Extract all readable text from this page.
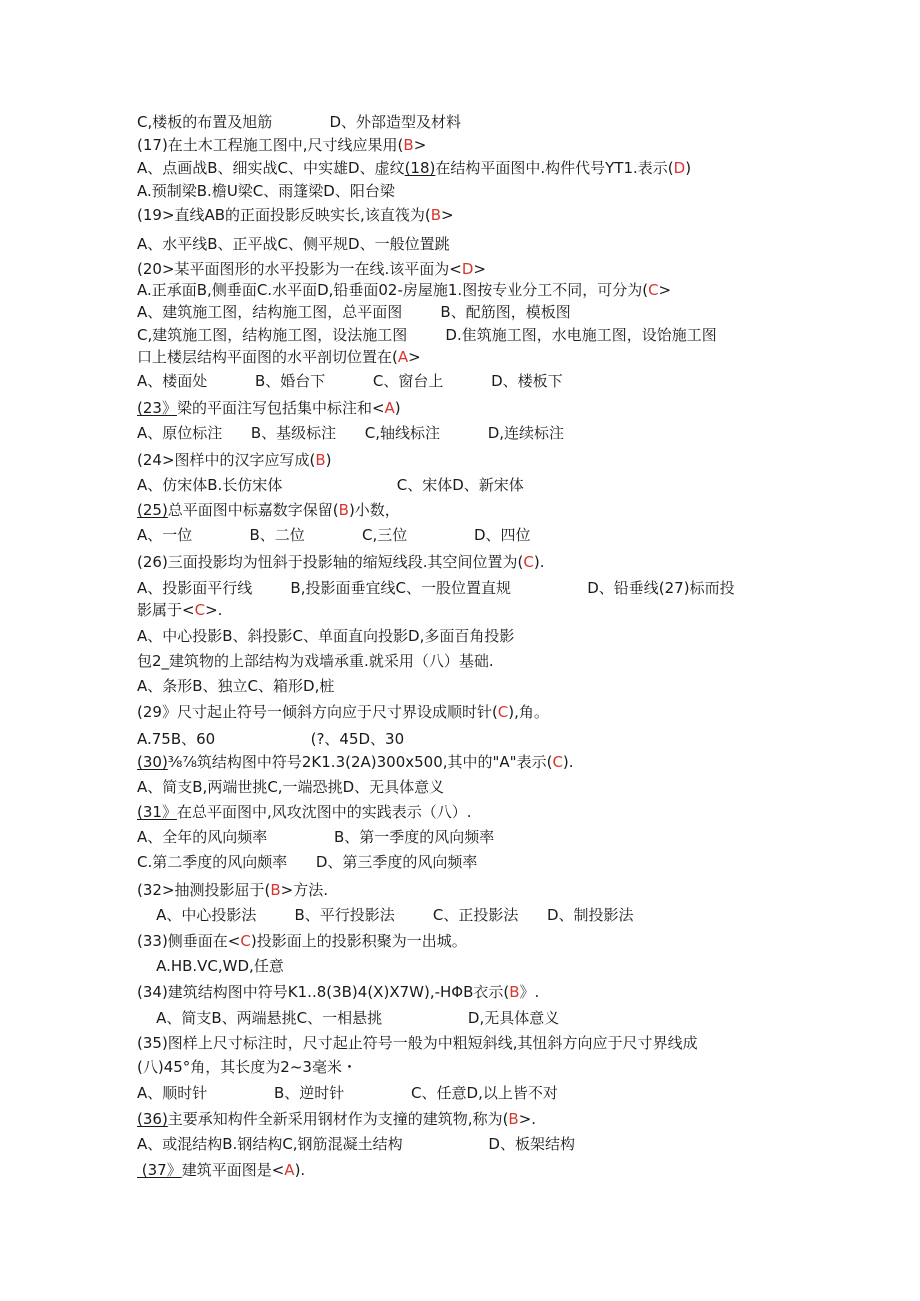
C,楼板的布置及旭筋            D、外部造型及材料
(17)在土木工程施工图中,尺寸线应果用(B>
A、点画战B、细实战C、中实雄D、虚纹(18)在结构平面图中.构件代号YT1.表示(D)
A.预制梁B.檐U梁C、雨篷梁D、阳台梁
(19>直线AB的正面投影反映实长,该直筏为(B>
A、水平线B、正平战C、侧平规D、一般位置跳
(20>某平面图形的水平投影为一在线.该平面为<D>
A.正承面B,侧垂面C.水平面D,铅垂面02-房屋施1.图按专业分工不同，可分为(C>
A、建筑施工图，结构施工图，总平面图        B、配筋图，模板图
C,建筑施工图，结构施工图，设法施工图        D.隹筑施工图，水电施工图，设饴施工图
口上楼层结构平面图的水平剖切位置在(A>
A、楼面处          B、婚台下          C、窗台上          D、楼板下
(23》梁的平面注写包括集中标注和<A)
A、原位标注      B、基级标注      C,轴线标注          D,连续标注
(24>图样中的汉字应写成(B)
A、仿宋体B.长仿宋体                        C、宋体D、新宋体
(25)总平面图中标嘉数字保留(B)小数，
A、一位            B、二位            C,三位              D、四位
(26)三面投影均为忸斜于投影轴的缩短线段.其空间位置为(C).
A、投影面平行线        B,投影面垂宜线C、一股位置直规                D、铅垂线(27)标而投
影属于<C>.
A、中心投影B、斜投影C、单面直向投影D,多面百角投影
包2_建筑物的上部结构为戏墙承重.就采用（八）基础.
A、条形B、独立C、箱形D,桩
(29》尺寸起止符号一倾斜方向应于尺寸界设成顺时针(C),角。
A.75B、60                    (?、45D、30
(30)⅜⅞筑结构图中符号2K1.3(2A)300x500,其中的"A"表示(C).
A、简支B,两端世挑C,一端恐挑D、无具体意义
(31》在总平面图中,风攻沈图中的实践表示（八）.
A、全年的风向频率              B、第一季度的风向频率
C.第二季度的风向颇率      D、第三季度的风向频率
(32>抽测投影屈于(B>方法.
A、中心投影法        B、平行投影法        C、正投影法      D、制投影法
(33)侧垂面在<C)投影面上的投影积聚为一出城。
A.HB.VC,WD,任意
(34)建筑结构图中符号K1..8(3B)4(X)X7W),-HΦB衣示(B》.
A、简支B、两端悬挑C、一相悬挑                  D,无具体意义
(35)图样上尺寸标注时，尺寸起止符号一般为中粗短斜线,其忸斜方向应于尺寸界线成
(八)45°角，其长度为2~3毫米・
A、顺时针              B、逆时针              C、任意D,以上皆不对
(36)主要承知构件全新采用钢材作为支撞的建筑物,称为(B>.
A、或混结构B.钢结构C,钢筋混凝土结构                  D、板架结构
(37》建筑平面图是<A).
